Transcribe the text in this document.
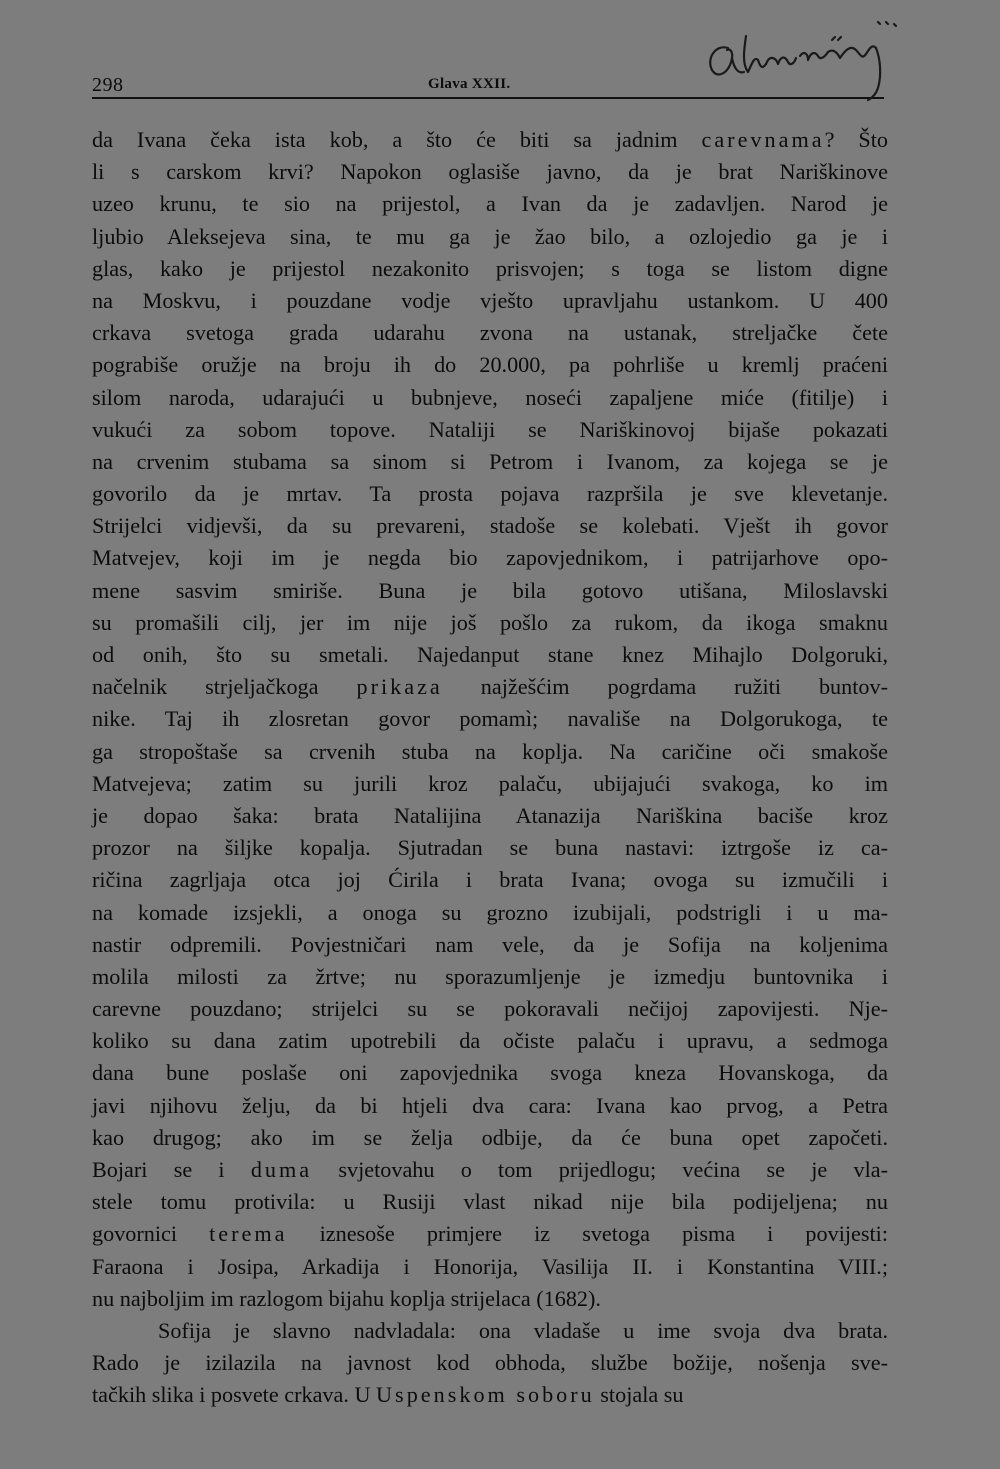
298	Glava XXII.
da Ivana čeka ista kob, a što će biti sa jadnim carevnama? Što
li s carskom krvi? Napokon oglasiše javno, da je brat Nariškinove
uzeo krunu, te sio na prijestol, a Ivan da je zadavljen. Narod je
ljubio Aleksejeva sina, te mu ga je žao bilo, a ozlojedio ga je i
glas, kako je prijestol nezakonito prisvojen; s toga se listom digne
na Moskvu, i pouzdane vodje vješto upravljahu ustankom. U 400
crkava svetoga grada udarahu zvona na ustanak, streljačke čete
pograbiše oružje na broju ih do 20.000, pa pohrliše u kremlj praćeni
silom naroda, udarajući u bubnjeve, noseći zapaljene miće (fitilje) i
vukući za sobom topove. Nataliji se Nariškinovoj bijaše pokazati
na crvenim stubama sa sinom si Petrom i Ivanom, za kojega se je
govorilo da je mrtav. Ta prosta pojava razpršila je sve klevetanje.
Strijelci vidjevši, da su prevareni, stadoše se kolebati. Vješt ih govor
Matvejev, koji im je negda bio zapovjednikom, i patrijarhove opo-
mene sasvim smiriše. Buna je bila gotovo utišana, Miloslavski
su promašili cilj, jer im nije još pošlo za rukom, da ikoga smaknu
od onih, što su smetali. Najedanput stane knez Mihajlo Dolgoruki,
načelnik strjeljačkoga prikaza najžešćim pogrdama ružiti buntov-
nike. Taj ih zlosretan govor pomamì; navališe na Dolgorukoga, te
ga stropoštaše sa crvenih stuba na koplja. Na caričine oči smakoše
Matvejeva; zatim su jurili kroz palaču, ubijajući svakoga, ko im
je dopao šaka: brata Natalijina Atanazija Nariškina baciše kroz
prozor na šiljke kopalja. Sjutradan se buna nastavi: iztrgoše iz ca-
ričina zagrljaja otca joj Ćirila i brata Ivana; ovoga su izmučili i
na komade izsjekli, a onoga su grozno izubijali, podstrigli i u ma-
nastir odpremili. Povjestničari nam vele, da je Sofija na koljenima
molila milosti za žrtve; nu sporazumljenje je izmedju buntovnika i
carevne pouzdano; strijelci su se pokoravali nečijoj zapovijesti. Nje-
koliko su dana zatim upotrebili da očiste palaču i upravu, a sedmoga
dana bune poslaše oni zapovjednika svoga kneza Hovanskoga, da
javi njihovu želju, da bi htjeli dva cara: Ivana kao prvog, a Petra
kao drugog; ako im se želja odbije, da će buna opet započeti.
Bojari se i duma svjetovahu o tom prijedlogu; većina se je vla-
stele tomu protivila: u Rusiji vlast nikad nije bila podijeljena; nu
govornici terema iznesoše primjere iz svetoga pisma i povijesti:
Faraona i Josipa, Arkadija i Honorija, Vasilija II. i Konstantina VIII.;
nu najboljim im razlogom bijahu koplja strijelaca (1682).
Sofija je slavno nadvladala: ona vladaše u ime svoja dva brata.
Rado je izilazila na javnost kod obhoda, službe božije, nošenja sve-
tačkih slika i posvete crkava. U Uspenskom soboru stojala su
